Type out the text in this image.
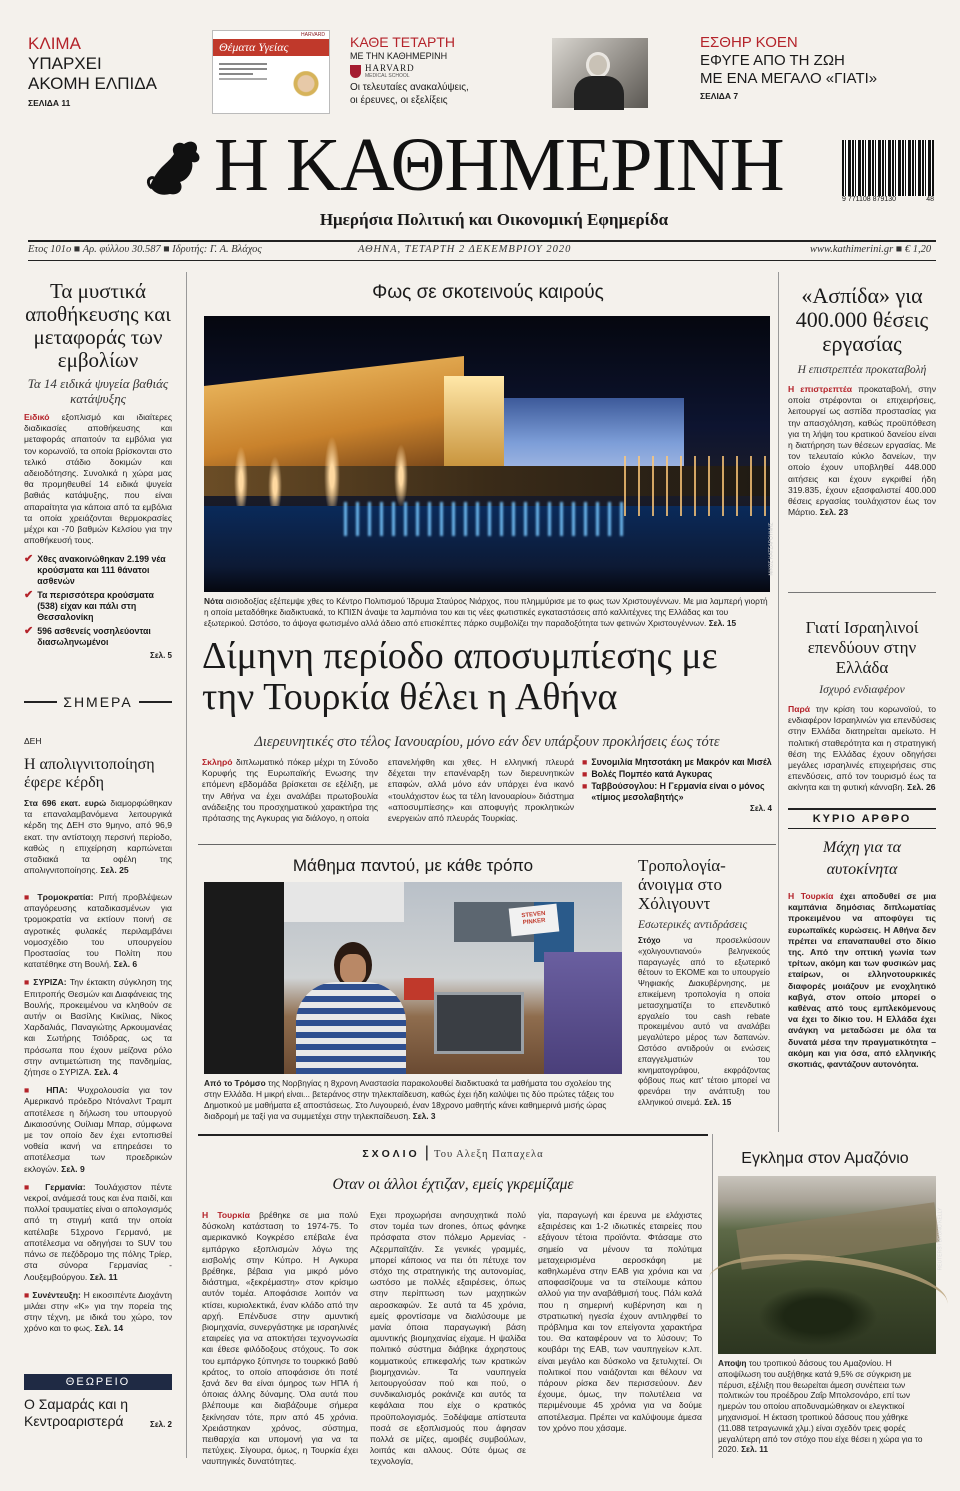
ΚΛΙΜΑ
ΥΠΑΡΧΕΙ
ΑΚΟΜΗ ΕΛΠΙΔΑ
ΣΕΛΙΔΑ 11
HARVARD
Θέματα Υγείας	ΚΑΘΕ ΤΕΤΑΡΤΗ
ΜΕ ΤΗΝ ΚΑΘΗΜΕΡΙΝΗ
HARVARD
MEDICAL SCHOOL
Οι τελευταίες ανακαλύψεις,
οι έρευνες, οι εξελίξεις
ΕΣΘΗΡ ΚΟΕΝ
ΕΦΥΓΕ ΑΠΟ ΤΗ ΖΩΗ
ΜΕ ΕΝΑ ΜΕΓΑΛΟ «ΓΙΑΤΙ»
ΣΕΛΙΔΑ 7
Η ΚΑΘΗΜΕΡΙΝΗ
Ημερήσια Πολιτική και Οικονομική Εφημερίδα
9 771108 879130	48
Ετος 101ο ■ Αρ. φύλλου 30.587 ■ Ιδρυτής: Γ. Α. Βλάχος	ΑΘΗΝΑ, ΤΕΤΑΡΤΗ 2 ΔΕΚΕΜΒΡΙΟΥ 2020	www.kathimerini.gr ■ € 1,20
Τα μυστικά αποθήκευσης και μεταφοράς των εμβολίων
Τα 14 ειδικά ψυγεία βαθιάς κατάψυξης
Ειδικό εξοπλισμό και ιδιαίτερες διαδικασίες αποθήκευσης και μεταφοράς απαιτούν τα εμβόλια για τον κορωνοϊό, τα οποία βρίσκονται στο τελικό στάδιο δοκιμών και αδειοδότησης. Συνολικά η χώρα μας θα προμηθευθεί 14 ειδικά ψυγεία βαθιάς κατάψυξης, που είναι απαραίτητα για κάποια από τα εμβόλια τα οποία χρειάζονται θερμοκρασίες μέχρι και -70 βαθμών Κελσίου για την αποθήκευσή τους.
✔ Χθες ανακοινώθηκαν 2.199 νέα κρούσματα και 111 θάνατοι ασθενών
✔ Τα περισσότερα κρούσματα (538) είχαν και πάλι στη Θεσσαλονίκη
✔ 596 ασθενείς νοσηλεύονται διασωληνωμένοι
Σελ. 5
ΣΗΜΕΡΑ
ΔΕΗ
Η απολιγνιτοποίηση έφερε κέρδη
Στα 696 εκατ. ευρώ διαμορφώθηκαν τα επαναλαμβανόμενα λειτουργικά κέρδη της ΔΕΗ στο 9μηνο, από 96,9 εκατ. την αντίστοιχη περσινή περίοδο, καθώς η επιχείρηση καρπώνεται σταδιακά τα οφέλη της απολιγνιτοποίησης. Σελ. 25
■ Τρομοκρατία: Ριπή προβλέψεων απαγόρευσης καταδικασμένων για τρομοκρατία να εκτίουν ποινή σε αγροτικές φυλακές περιλαμβάνει νομοσχέδιο του υπουργείου Προστασίας του Πολίτη που κατατέθηκε στη Βουλή. Σελ. 6
■ ΣΥΡΙΖΑ: Την έκτακτη σύγκληση της Επιτροπής Θεσμών και Διαφάνειας της Βουλής, προκειμένου να κληθούν σε αυτήν οι Βασίλης Κικίλιας, Νίκος Χαρδαλιάς, Παναγιώτης Αρκουμανέας και Σωτήρης Τσιόδρας, ως τα πρόσωπα που έχουν μείζονα ρόλο στην αντιμετώπιση της πανδημίας, ζήτησε ο ΣΥΡΙΖΑ. Σελ. 4
■ ΗΠΑ: Ψυχρολουσία για τον Αμερικανό πρόεδρο Ντόναλντ Τραμπ αποτέλεσε η δήλωση του υπουργού Δικαιοσύνης Ουίλιαμ Μπαρ, σύμφωνα με τον οποίο δεν έχει εντοπισθεί νοθεία ικανή να επηρεάσει το αποτέλεσμα των προεδρικών εκλογών. Σελ. 9
■ Γερμανία: Τουλάχιστον πέντε νεκροί, ανάμεσά τους και ένα παιδί, και πολλοί τραυματίες είναι ο απολογισμός από τη στιγμή κατά την οποία κατέλαβε 51χρονο Γερμανό, με αποτέλεσμα να οδηγήσει το SUV του πάνω σε πεζόδρομο της πόλης Τρίερ, στα σύνορα Γερμανίας - Λουξεμβούργου. Σελ. 11
■ Συνέντευξη: Η εικοσιπέντε Διοχάντη μιλάει στην «Κ» για την πορεία της στην τέχνη, με ιδικά του χώρο, τον χρόνο και το φως. Σελ. 14
ΘΕΩΡΕΙΟ
Ο Σαμαράς και η Κεντροαριστερά	Σελ. 2
Φως σε σκοτεινούς καιρούς
ΝΙΚΟΣ ΚΑΤΣΑΡΟΥΝΗΣ
Νότα αισιοδοξίας εξέπεμψε χθες το Κέντρο Πολιτισμού Ίδρυμα Σταύρος Νιάρχος, που πλημμύρισε με το φως των Χριστουγέννων. Με μια λαμπερή γιορτή η οποία μεταδόθηκε διαδικτυακά, το ΚΠΙΣΝ άναψε τα λαμπιόνια του και τις νέες φωτιστικές εγκαταστάσεις από καλλιτέχνες της Ελλάδας και του εξωτερικού. Ωστόσο, το άψογα φωτισμένο αλλά άδειο από επισκέπτες πάρκο συμβολίζει την παραδοξότητα των φετινών Χριστουγέννων. Σελ. 15
Δίμηνη περίοδο αποσυμπίεσης με την Τουρκία θέλει η Αθήνα
Διερευνητικές στο τέλος Ιανουαρίου, μόνο εάν δεν υπάρξουν προκλήσεις έως τότε
Σκληρό διπλωματικό πόκερ μέχρι τη Σύνοδο Κορυφής της Ευρωπαϊκής Ενωσης την επόμενη εβδομάδα βρίσκεται σε εξέλιξη, με την Αθήνα να έχει αναλάβει πρωτοβουλία ανάδειξης του προσχηματικού χαρακτήρα της πρότασης της Αγκυρας για διάλογο, η οποία
επανελήφθη και χθες. Η ελληνική πλευρά δέχεται την επανέναρξη των διερευνητικών επαφών, αλλά μόνο εάν υπάρχει ένα ικανό «τουλάχιστον έως τα τέλη Ιανουαρίου» διάστημα «αποσυμπίεσης» και αποφυγής προκλητικών ενεργειών από πλευράς Τουρκίας.
■ Συνομιλία Μητσοτάκη με Μακρόν και Μισέλ
■ Βολές Πομπέο κατά Αγκυρας
■ Ταββούσογλου: Η Γερμανία είναι ο μόνος «τίμιος μεσολαβητής»
Σελ. 4
Μάθημα παντού, με κάθε τρόπο
STEVEN PINKER
Από το Τρόμσο της Νορβηγίας η 8χρονη Αναστασία παρακολουθεί διαδικτυακά τα μαθήματα του σχολείου της στην Ελλάδα. Η μικρή είναι... βετεράνος στην τηλεκπαίδευση, καθώς έχει ήδη καλύψει τις δύο πρώτες τάξεις του Δημοτικού με μαθήματα εξ αποστάσεως. Στο Λυγουρειό, έναν 18χρονο μαθητής κάνει καθημερινά μισής ώρας διαδρομή με ταξί για να συμμετέχει στην τηλεκπαίδευση. Σελ. 3
Τροπολογία-άνοιγμα στο Χόλιγουντ
Εσωτερικές αντιδράσεις
Στόχο	να προσελκύσουν «χολιγουντιανού» βεληνεκούς παραγωγές από το εξωτερικό θέτουν το ΕΚΟΜΕ και το υπουργείο Ψηφιακής Διακυβέρνησης, με επικείμενη τροπολογία η οποία μετασχηματίζει το επενδυτικό εργαλείο του cash rebate προκειμένου αυτό να αναλάβει μεγαλύτερο μέρος των δαπανών. Ωστόσο αντιδρούν οι ενώσεις επαγγελματιών του κινηματογράφου, εκφράζοντας φόβους πως κατ' τέτοιο μπορεί να φρενάρει την ανάπτυξη του ελληνικού σινεμά. Σελ. 15
«Ασπίδα» για 400.000 θέσεις εργασίας
Η επιστρεπτέα προκαταβολή
Η επιστρεπτέα προκαταβολή, στην οποία στρέφονται οι επιχειρήσεις, λειτουργεί ως ασπίδα προστασίας για την απασχόληση, καθώς προϋπόθεση για τη λήψη του κρατικού δανείου είναι η διατήρηση των θέσεων εργασίας. Με τον τελευταίο κύκλο δανείων, την οποίο έχουν υποβληθεί 448.000 αιτήσεις και έχουν εγκριθεί ήδη 319.835, έχουν εξασφαλιστεί 400.000 θέσεις εργασίας τουλάχιστον έως τον Μάρτιο. Σελ. 23
Γιατί Ισραηλινοί επενδύουν στην Ελλάδα
Ισχυρό ενδιαφέρον
Παρά την κρίση του κορωνοϊού, το ενδιαφέρον Ισραηλινών για επενδύσεις στην Ελλάδα διατηρείται αμείωτο. Η πολιτική σταθερότητα και η στρατηγική θέση της Ελλάδας έχουν οδηγήσει μεγάλες ισραηλινές επιχειρήσεις στις επενδύσεις, από τον τουρισμό έως τα ακίνητα και τη φυτική κάνναβη. Σελ. 26
ΚΥΡΙΟ ΑΡΘΡΟ
Μάχη για τα αυτοκίνητα
Η Τουρκία έχει αποδυθεί σε μια καμπάνια δημόσιας διπλωματίας προκειμένου να αποφύγει τις ευρωπαϊκές κυρώσεις. Η Αθήνα δεν πρέπει να επαναπαυθεί στο δίκιο της. Από την οπτική γωνία των τρίτων, ακόμη και των φυσικών μας εταίρων, οι ελληνοτουρκικές διαφορές μοιάζουν με ενοχλητικό καβγά, στον οποίο μπορεί ο καθένας από τους εμπλεκόμενους να έχει το δίκιο του. Η Ελλάδα έχει ανάγκη να μεταδώσει με όλα τα δυνατά μέσα την πραγματικότητα –ακόμη και για όσα, από ελληνικής σκοπιάς, φαντάζουν αυτονόητα.
ΣΧΟΛΙΟ | Του Αλεξη Παπαχελα
Οταν οι άλλοι έχτιζαν, εμείς γκρεμίζαμε
Η Τουρκία βρέθηκε σε μια πολύ δύσκολη κατάσταση το 1974-75. Το αμερικανικό Κογκρέσο επέβαλε ένα εμπάργκο εξοπλισμών λόγω της εισβολής στην Κύπρο. Η Αγκυρα βρέθηκε, βέβαια για μικρό μόνο διάστημα, «ξεκρέμαστη» στον κρίσιμο αυτόν τομέα. Αποφάσισε λοιπόν να κτίσει, κυριολεκτικά, έναν κλάδο από την αρχή. Επένδυσε στην αμυντική βιομηχανία, συνεργάστηκε με ισραηλινές εταιρείες για να αποκτήσει τεχνογνωσία και έθεσε φιλόδοξους στόχους. Το σοκ του εμπάργκο ξύπνησε το τουρκικό βαθύ κράτος, το οποίο αποφάσισε ότι ποτέ ξανά δεν θα είναι όμηρος των ΗΠΑ ή όποιας άλλης δύναμης. Όλα αυτά που βλέπουμε και διαβάζουμε σήμερα ξεκίνησαν τότε, πριν από 45 χρόνια. Χρειάστηκαν χρόνος, σύστημα, πειθαρχία και υπομονή για να τα πετύχεις. Σίγουρα, όμως, η Τουρκία έχει ναυπηγικές δυνατότητες.
Εχει προχωρήσει ανησυχητικά πολύ στον τομέα των drones, όπως φάνηκε πρόσφατα στον πόλεμο Αρμενίας - Αζερμπαϊτζάν. Σε γενικές γραμμές, μπορεί κάποιος να πει ότι πέτυχε τον στόχο της στρατηγικής της αυτονομίας, ωστόσο με πολλές εξαιρέσεις, όπως στην περίπτωση των μαχητικών αεροσκαφών. Σε αυτά τα 45 χρόνια, εμείς φροντίσαμε να διαλύσουμε με μανία όποια παραγωγική βάση αμυντικής βιομηχανίας είχαμε. Η ψαλίδα πολιτικό σύστημα διάβηκε άχρηστους κομματικούς επικεφαλής των κρατικών βιομηχανιών. Τα ναυπηγεία λειτουργούσαν πού και πού, ο συνδικαλισμός ροκάνιζε και αυτός τα κεφάλαια που είχε ο κρατικός προϋπολογισμός. Ξοδέψαμε απίστευτα ποσά σε εξοπλισμούς που άφησαν πολλά σε μίζες, αμοιβές συμβούλων, λοιπάς και αλλους. Ούτε όμως σε τεχνολογία,
γία, παραγωγή και έρευνα με ελάχιστες εξαιρέσεις και 1-2 ιδιωτικές εταιρείες που εξάγουν τέτοια προϊόντα. Φτάσαμε στο σημείο να μένουν τα πολύτιμα μεταχειρισμένα αεροσκάφη με καθηλωμένα στην ΕΑΒ για χρόνια και να αποφασίζουμε να τα στείλουμε κάπου αλλού για την αναβάθμισή τους. Πάλι καλά που η σημερινή κυβέρνηση και η στρατιωτική ηγεσία έχουν αντιληφθεί το πρόβλημα και τον επείγοντα χαρακτήρα του. Θα καταφέρουν να το λύσουν; Το κουβάρι της ΕΑΒ, των ναυπηγείων κ.λπ. είναι μεγάλο και δύσκολο να ξετυλιχτεί. Οι πολιτικοί που ναιάζονται και θέλουν να πάρουν ρίσκα δεν περισσεύουν. Δεν έχουμε, όμως, την πολυτέλεια να περιμένουμε 45 χρόνια για να δούμε αποτέλεσμα. Πρέπει να καλύψουμε άμεσα τον χρόνο που χάσαμε.
Εγκλημα στον Αμαζόνιο
REUTERS / BRUNO KELLY
Αποψη του τροπικού δάσους του Αμαζονίου. Η αποψίλωση του αυξήθηκε κατά 9,5% σε σύγκριση με πέρυσι, εξέλιξη που θεωρείται άμεση συνέπεια των πολιτικών του προέδρου Ζαΐρ Μπολσονάρο, επί των ημερών του οποίου αποδυναμώθηκαν οι ελεγκτικοί μηχανισμοί. Η έκταση τροπικού δάσους που χάθηκε (11.088 τετραγωνικά χλμ.) είναι σχεδόν τρεις φορές μεγαλύτερη από τον στόχο που είχε θέσει η χώρα για το 2020. Σελ. 11
